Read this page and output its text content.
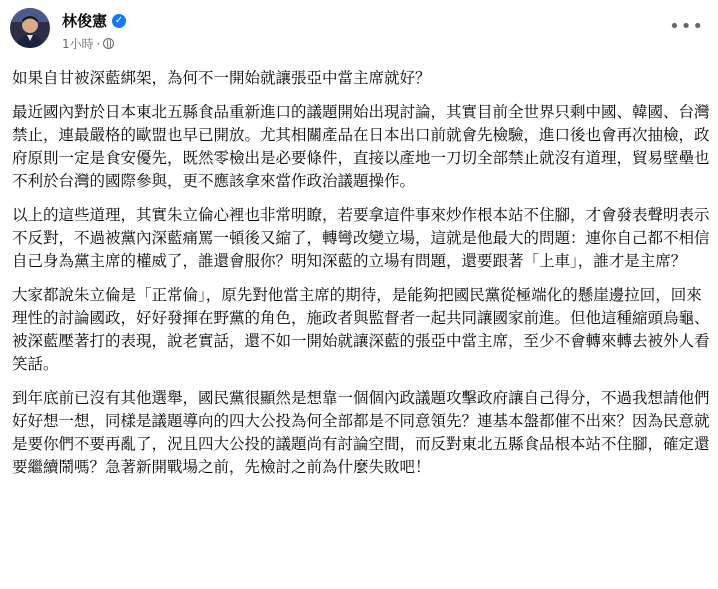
林俊憲 ✓
1小時 ·
•••

如果自甘被深藍綁架，為何不一開始就讓張亞中當主席就好？

最近國內對於日本東北五縣食品重新進口的議題開始出現討論，其實目前全世界只剩中國、韓國、台灣禁止，連最嚴格的歐盟也早已開放。尤其相關產品在日本出口前就會先檢驗，進口後也會再次抽檢，政府原則一定是食安優先，既然零檢出是必要條件，直接以產地一刀切全部禁止就沒有道理，貿易壁壘也不利於台灣的國際參與，更不應該拿來當作政治議題操作。

以上的這些道理，其實朱立倫心裡也非常明瞭，若要拿這件事來炒作根本站不住腳，才會發表聲明表示不反對，不過被黨內深藍痛罵一頓後又縮了，轉彎改變立場，這就是他最大的問題：連你自己都不相信自己身為黨主席的權威了，誰還會服你？明知深藍的立場有問題，還要跟著「上車」，誰才是主席？

大家都說朱立倫是「正常倫」，原先對他當主席的期待，是能夠把國民黨從極端化的懸崖邊拉回，回來理性的討論國政，好好發揮在野黨的角色，施政者與監督者一起共同讓國家前進。但他這種縮頭烏龜、被深藍壓著打的表現，說老實話，還不如一開始就讓深藍的張亞中當主席，至少不會轉來轉去被外人看笑話。

到年底前已沒有其他選舉，國民黨很顯然是想靠一個個內政議題攻擊政府讓自己得分，不過我想請他們好好想一想，同樣是議題導向的四大公投為何全部都是不同意領先？連基本盤都催不出來？因為民意就是要你們不要再亂了，況且四大公投的議題尚有討論空間，而反對東北五縣食品根本站不住腳，確定還要繼續鬧嗎？急著新開戰場之前，先檢討之前為什麼失敗吧！
